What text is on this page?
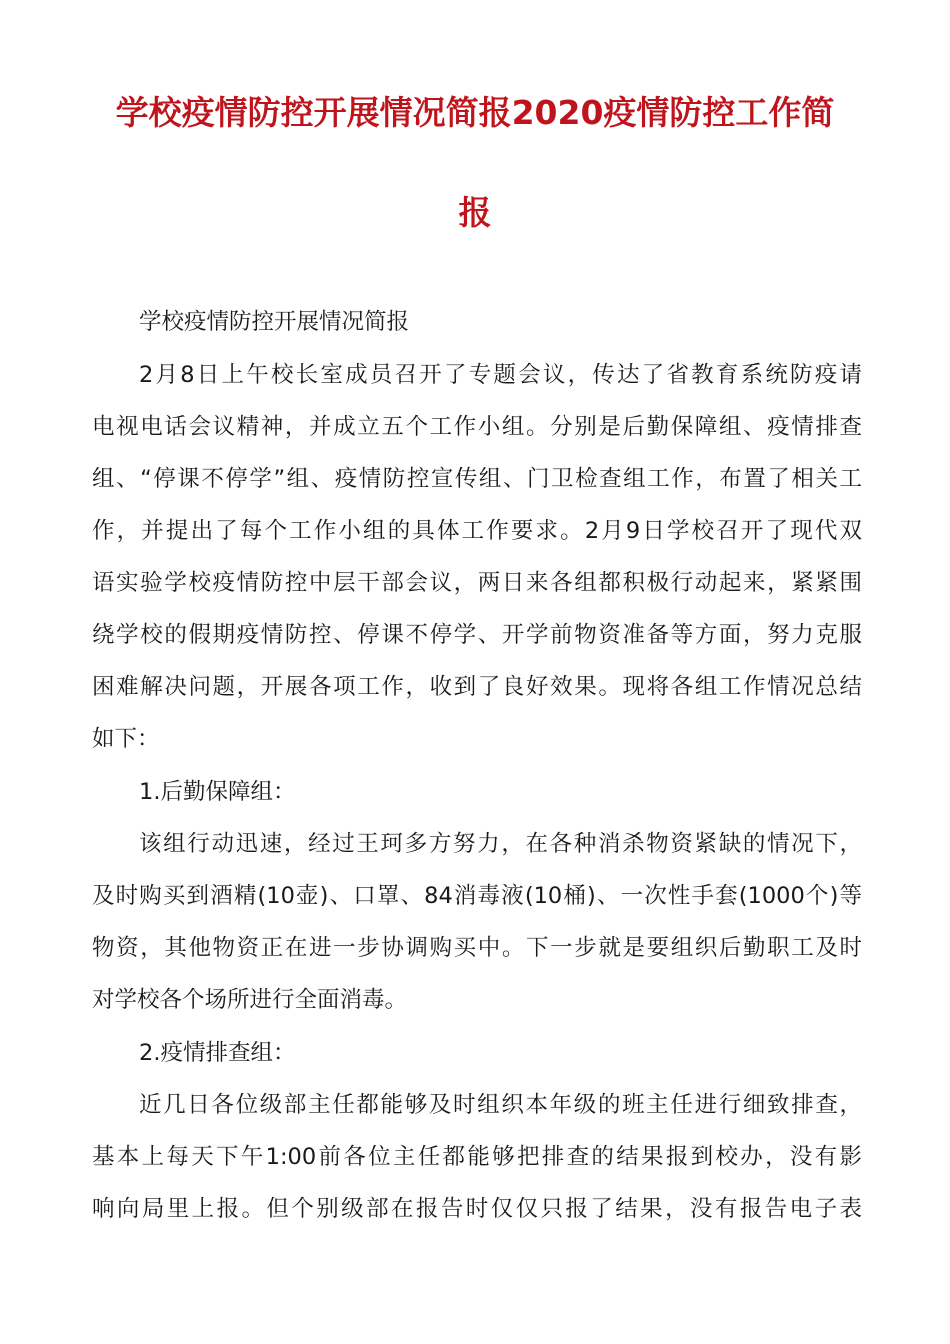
学校疫情防控开展情况简报2020疫情防控工作简
报

学校疫情防控开展情况简报

2月8日上午校长室成员召开了专题会议，传达了省教育系统防疫请

电视电话会议精神，并成立五个工作小组。分别是后勤保障组、疫情排查

组、“停课不停学”组、疫情防控宣传组、门卫检查组工作，布置了相关工

作，并提出了每个工作小组的具体工作要求。2月9日学校召开了现代双

语实验学校疫情防控中层干部会议，两日来各组都积极行动起来，紧紧围

绕学校的假期疫情防控、停课不停学、开学前物资准备等方面，努力克服

困难解决问题，开展各项工作，收到了良好效果。现将各组工作情况总结

如下：

1.后勤保障组：

该组行动迅速，经过王珂多方努力，在各种消杀物资紧缺的情况下，

及时购买到酒精(10壶)、口罩、84消毒液(10桶)、一次性手套(1000个)等

物资，其他物资正在进一步协调购买中。下一步就是要组织后勤职工及时

对学校各个场所进行全面消毒。

2.疫情排查组：

近几日各位级部主任都能够及时组织本年级的班主任进行细致排查，

基本上每天下午1:00前各位主任都能够把排查的结果报到校办，没有影

响向局里上报。但个别级部在报告时仅仅只报了结果，没有报告电子表
